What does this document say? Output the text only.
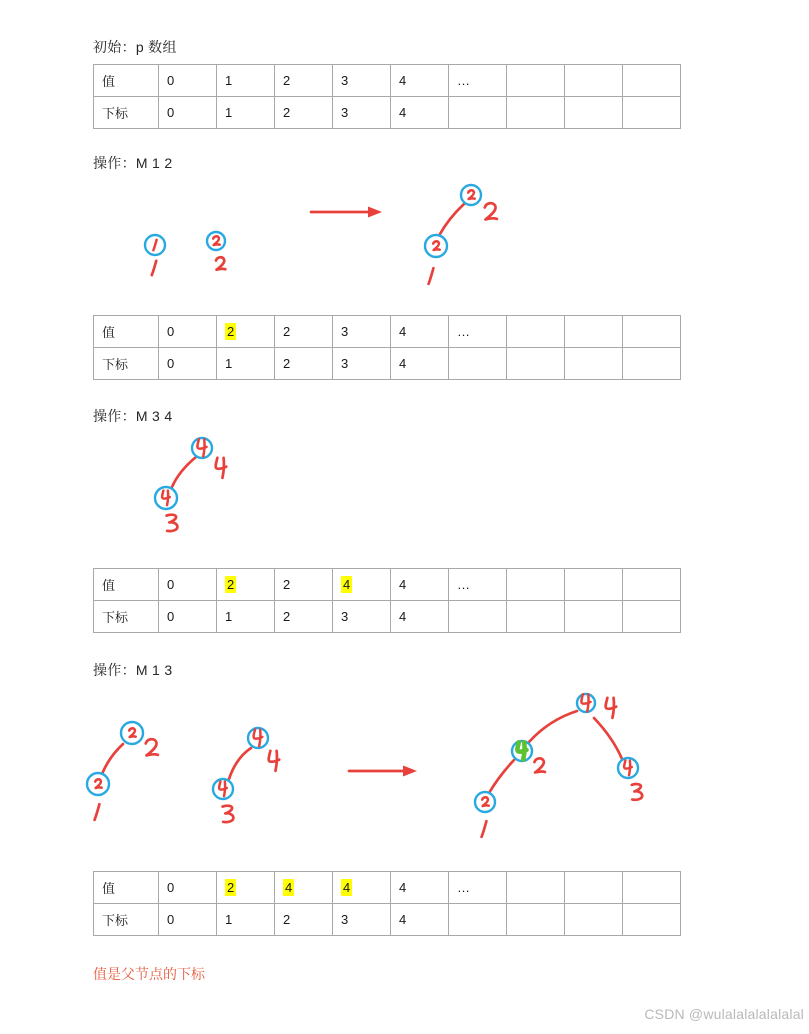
初始：p 数组
值	0	1	2	3	4	…			
下标	0	1	2	3	4				
操作：M 1 2
值	0	2	2	3	4	…			
下标	0	1	2	3	4				
操作：M 3 4
值	0	2	2	4	4	…			
下标	0	1	2	3	4				
操作：M 1 3
值	0	2	4	4	4	…			
下标	0	1	2	3	4				
值是父节点的下标
CSDN @wulalalalalalalal
